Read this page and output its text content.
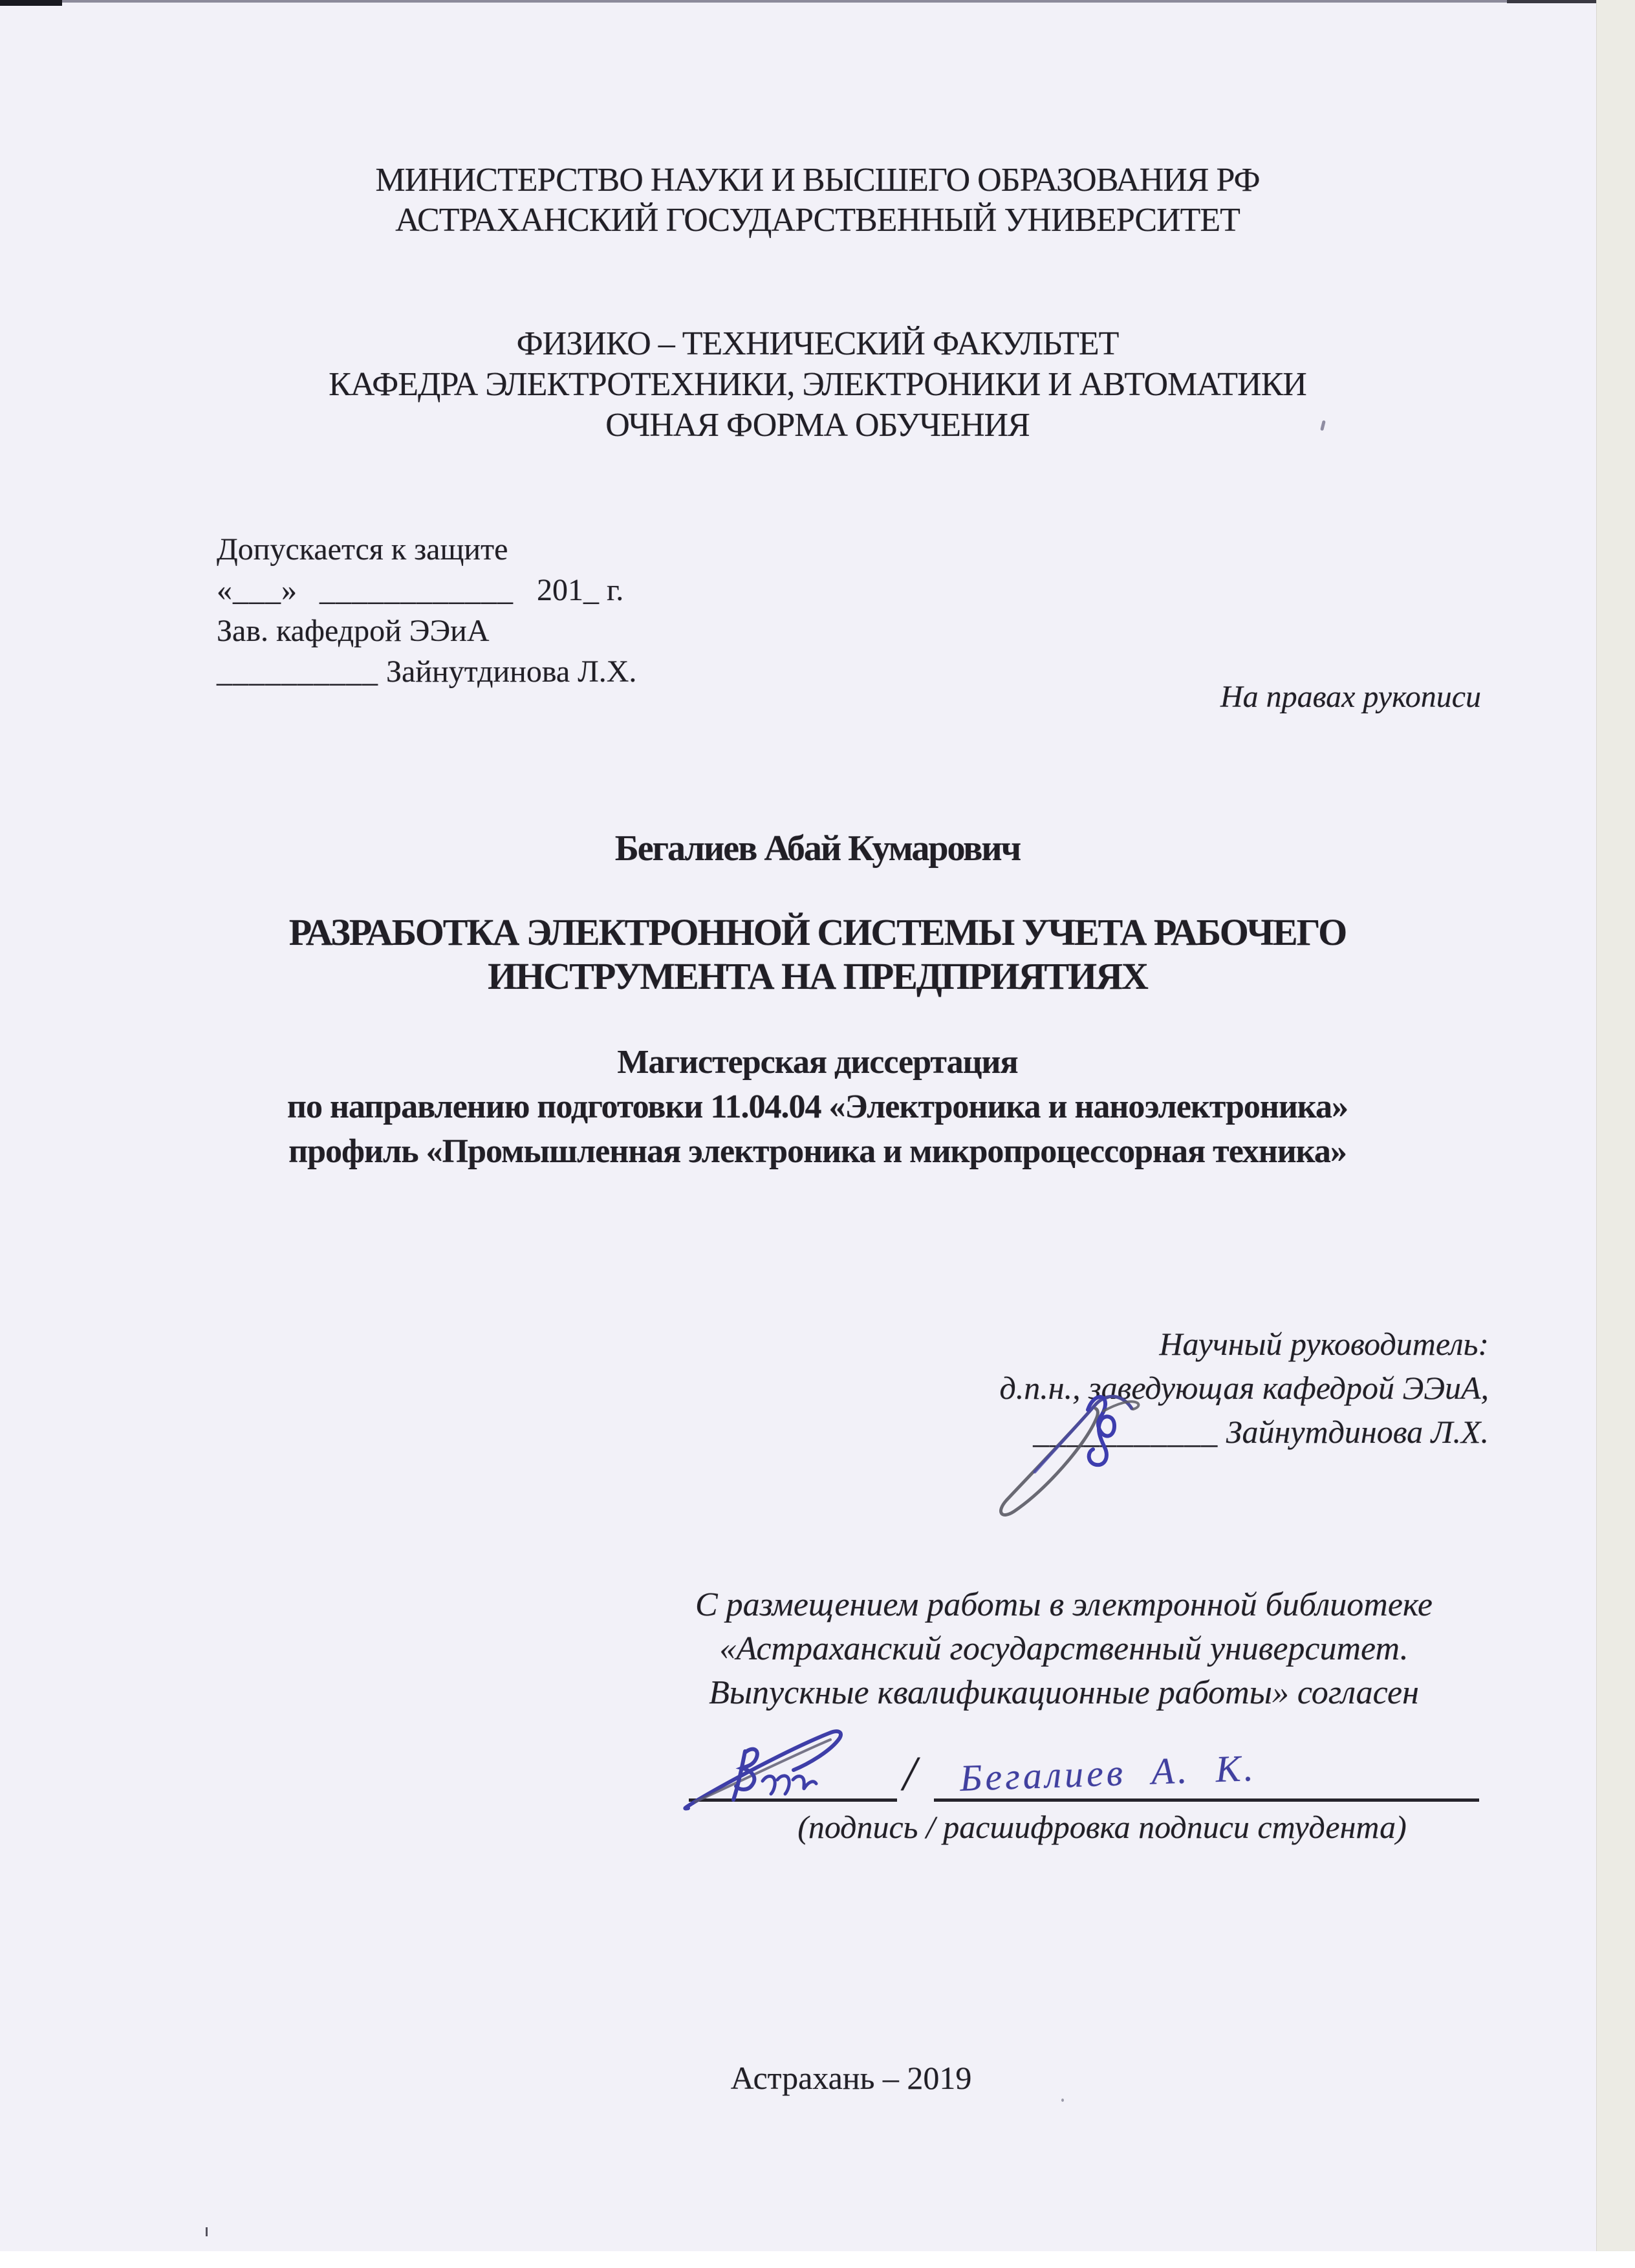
МИНИСТЕРСТВО НАУКИ И ВЫСШЕГО ОБРАЗОВАНИЯ РФ
АСТРАХАНСКИЙ ГОСУДАРСТВЕННЫЙ УНИВЕРСИТЕТ
ФИЗИКО – ТЕХНИЧЕСКИЙ ФАКУЛЬТЕТ
КАФЕДРА ЭЛЕКТРОТЕХНИКИ, ЭЛЕКТРОНИКИ И АВТОМАТИКИ
ОЧНАЯ ФОРМА ОБУЧЕНИЯ
Допускается к защите
«___» ____________ 201_ г.
Зав. кафедрой ЭЭиА
__________ Зайнутдинова Л.Х.
На правах рукописи
Бегалиев Абай Кумарович
РАЗРАБОТКА ЭЛЕКТРОННОЙ СИСТЕМЫ УЧЕТА РАБОЧЕГО
ИНСТРУМЕНТА НА ПРЕДПРИЯТИЯХ
Магистерская диссертация
по направлению подготовки 11.04.04 «Электроника и наноэлектроника»
профиль «Промышленная электроника и микропроцессорная техника»
Научный руководитель:
д.п.н., заведующая кафедрой ЭЭиА,
___________ Зайнутдинова Л.Х.
С размещением работы в электронной библиотеке
«Астраханский государственный университет.
Выпускные квалификационные работы» согласен
/ Бегалиев А. К.
(подпись / расшифровка подписи студента)
Астрахань – 2019
